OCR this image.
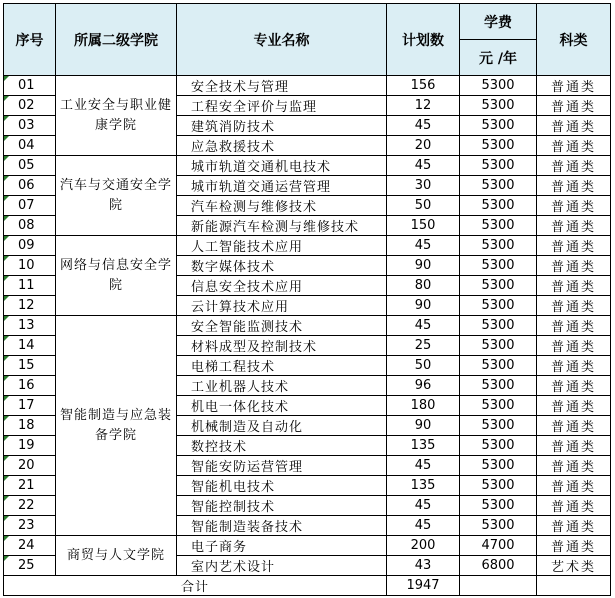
序号	所属二级学院	专业名称	计划数	学费	科类
				元 /年	

01	工业安全与职业健康学院	安全技术与管理	156	5300	普通类

02		工程安全评价与监理	12	5300	普通类

03		建筑消防技术	45	5300	普通类

04		应急救援技术	20	5300	普通类

05	汽车与交通安全学院	城市轨道交通机电技术	45	5300	普通类

06		城市轨道交通运营管理	30	5300	普通类

07		汽车检测与维修技术	50	5300	普通类

08		新能源汽车检测与维修技术	150	5300	普通类

09	网络与信息安全学院	人工智能技术应用	45	5300	普通类

10		数字媒体技术	90	5300	普通类

11		信息安全技术应用	80	5300	普通类

12		云计算技术应用	90	5300	普通类

13	智能制造与应急装备学院	安全智能监测技术	45	5300	普通类

14		材料成型及控制技术	25	5300	普通类

15		电梯工程技术	50	5300	普通类

16		工业机器人技术	96	5300	普通类

17		机电一体化技术	180	5300	普通类

18		机械制造及自动化	90	5300	普通类

19		数控技术	135	5300	普通类

20		智能安防运营管理	45	5300	普通类

21		智能机电技术	135	5300	普通类

22		智能控制技术	45	5300	普通类

23		智能制造装备技术	45	5300	普通类

24	商贸与人文学院	电子商务	200	4700	普通类

25		室内艺术设计	43	6800	艺术类
合计			1947		
